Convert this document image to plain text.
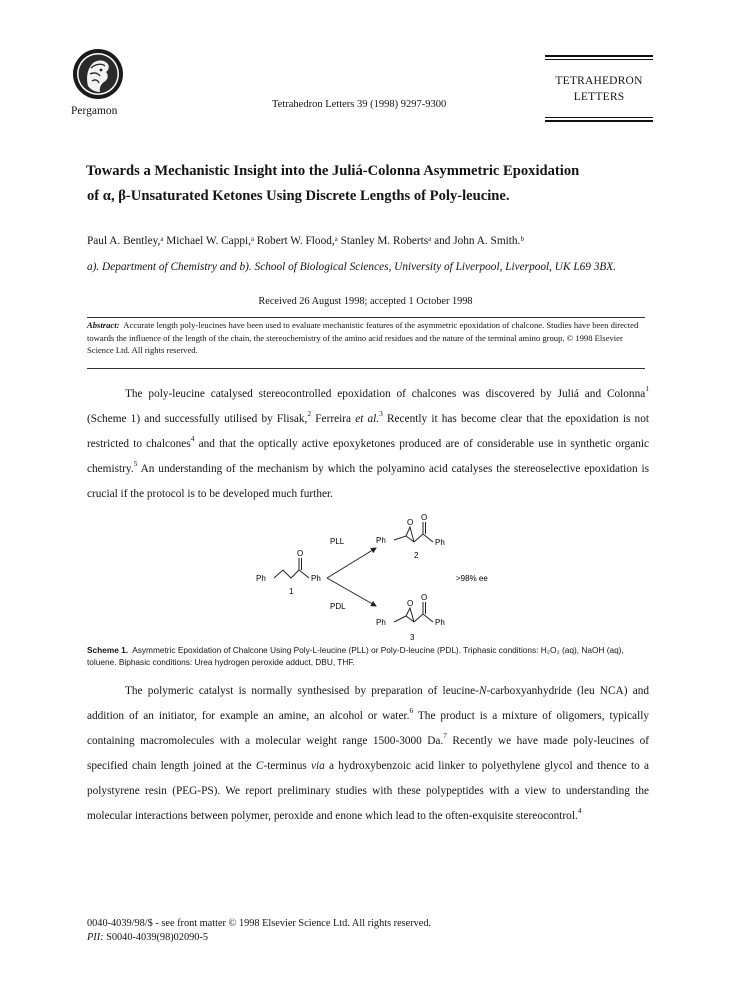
Pergamon
Tetrahedron Letters 39 (1998) 9297-9300
TETRAHEDRON
LETTERS
Towards a Mechanistic Insight into the Juliá-Colonna Asymmetric Epoxidation
of α, β-Unsaturated Ketones Using Discrete Lengths of Poly-leucine.
Paul A. Bentley,ᵃ Michael W. Cappi,ᵃ Robert W. Flood,ᵃ Stanley M. Robertsᵃ and John A. Smith.ᵇ
a). Department of Chemistry and b). School of Biological Sciences, University of Liverpool, Liverpool, UK L69 3BX.
Received 26 August 1998; accepted 1 October 1998
Abstract: Accurate length poly-leucines have been used to evaluate mechanistic features of the asymmetric epoxidation of chalcone. Studies have been directed towards the influence of the length of the chain, the stereochemistry of the amino acid residues and the nature of the terminal amino group. © 1998 Elsevier Science Ltd. All rights reserved.

The poly-leucine catalysed stereocontrolled epoxidation of chalcones was discovered by Juliá and Colonna$^1$ (Scheme 1) and successfully utilised by Flisak,$^2$ Ferreira et al.$^3$ Recently it has become clear that the epoxidation is not restricted to chalcones$^4$ and that the optically active epoxyketones produced are of considerable use in synthetic organic chemistry.$^5$ An understanding of the mechanism by which the polyamino acid catalyses the stereoselective epoxidation is crucial if the protocol is to be developed much further.

Ph	Ph
O
1
PLL
PDL
Ph
O
O
Ph
2
>98% ee
Ph
O
O
Ph
3
Scheme 1. Asymmetric Epoxidation of Chalcone Using Poly-L-leucine (PLL) or Poly-D-leucine (PDL). Triphasic conditions: H₂O₂ (aq), NaOH (aq), toluene. Biphasic conditions: Urea hydrogen peroxide adduct, DBU, THF.

The polymeric catalyst is normally synthesised by preparation of leucine-N-carboxyanhydride (leu NCA) and addition of an initiator, for example an amine, an alcohol or water.$^6$ The product is a mixture of oligomers, typically containing macromolecules with a molecular weight range 1500-3000 Da.$^7$ Recently we have made poly-leucines of specified chain length joined at the C-terminus via a hydroxybenzoic acid linker to polyethylene glycol and thence to a polystyrene resin (PEG-PS). We report preliminary studies with these polypeptides with a view to understanding the molecular interactions between polymer, peroxide and enone which lead to the often-exquisite stereocontrol.$^4$

0040-4039/98/$ - see front matter © 1998 Elsevier Science Ltd. All rights reserved.
PII: S0040-4039(98)02090-5
